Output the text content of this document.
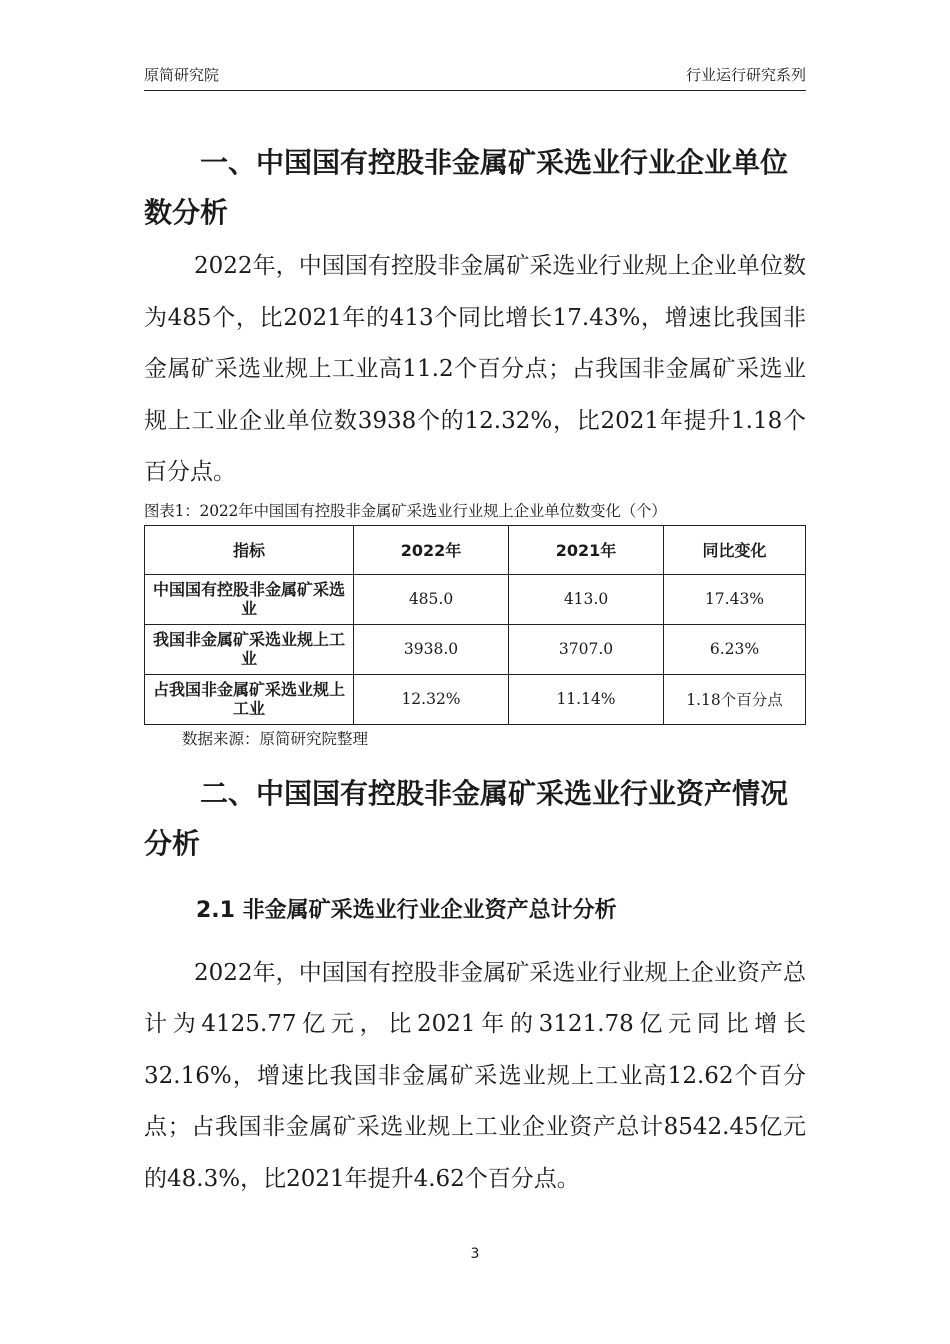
原简研究院	行业运行研究系列
一、中国国有控股非金属矿采选业行业企业单位数分析

2022年，中国国有控股非金属矿采选业行业规上企业单位数为485个，比2021年的413个同比增长17.43%，增速比我国非金属矿采选业规上工业高11.2个百分点；占我国非金属矿采选业规上工业企业单位数3938个的12.32%，比2021年提升1.18个百分点。

图表1：2022年中国国有控股非金属矿采选业行业规上企业单位数变化（个）

指标	2022年	2021年	同比变化
中国国有控股非金属矿采选业	485.0	413.0	17.43%
我国非金属矿采选业规上工业	3938.0	3707.0	6.23%
占我国非金属矿采选业规上工业	12.32%	11.14%	1.18个百分点

数据来源：原简研究院整理

二、中国国有控股非金属矿采选业行业资产情况分析
2.1 非金属矿采选业行业企业资产总计分析

2022年，中国国有控股非金属矿采选业行业规上企业资产总计为4125.77亿元，比2021年的3121.78亿元同比增长32.16%，增速比我国非金属矿采选业规上工业高12.62个百分点；占我国非金属矿采选业规上工业企业资产总计8542.45亿元的48.3%，比2021年提升4.62个百分点。

3
